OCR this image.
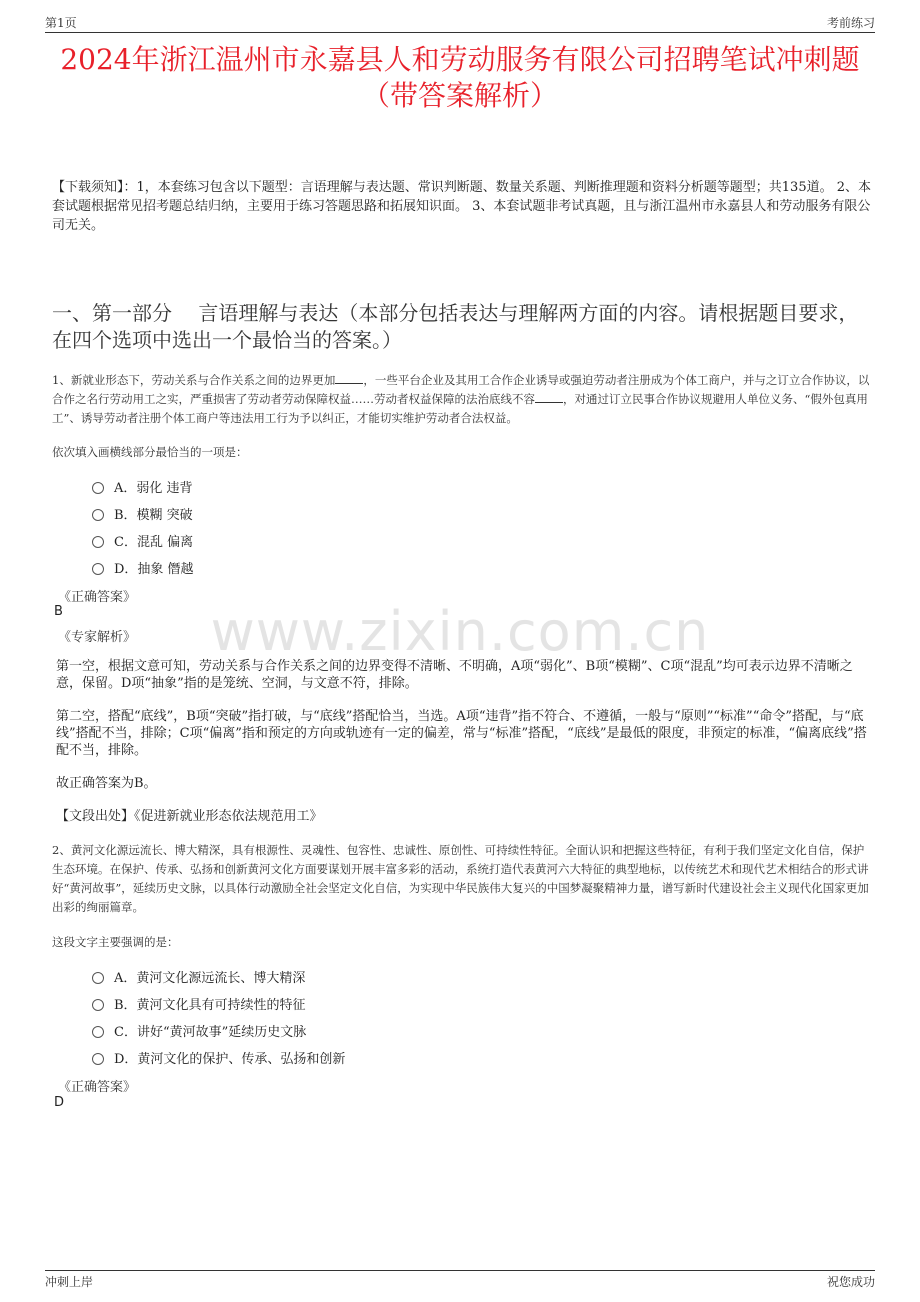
第1页	考前练习
2024年浙江温州市永嘉县人和劳动服务有限公司招聘笔试冲刺题（带答案解析）
【下载须知】：1，本套练习包含以下题型：言语理解与表达题、常识判断题、数量关系题、判断推理题和资料分析题等题型；共135道。 2、本套试题根据常见招考题总结归纳，主要用于练习答题思路和拓展知识面。 3、本套试题非考试真题，且与浙江温州市永嘉县人和劳动服务有限公司无关。
一、第一部分　 言语理解与表达（本部分包括表达与理解两方面的内容。请根据题目要求，在四个选项中选出一个最恰当的答案。）
1、新就业形态下，劳动关系与合作关系之间的边界更加 ，一些平台企业及其用工合作企业诱导或强迫劳动者注册成为个体工商户，并与之订立合作协议，以合作之名行劳动用工之实，严重损害了劳动者劳动保障权益……劳动者权益保障的法治底线不容 ，对通过订立民事合作协议规避用人单位义务、“假外包真用工”、诱导劳动者注册个体工商户等违法用工行为予以纠正，才能切实维护劳动者合法权益。
依次填入画横线部分最恰当的一项是：
A．弱化 违背
B．模糊 突破
C．混乱 偏离
D．抽象 僭越
《正确答案》
B
《专家解析》	www.zixin.com.cn
第一空，根据文意可知，劳动关系与合作关系之间的边界变得不清晰、不明确，A项“弱化”、B项“模糊”、C项“混乱”均可表示边界不清晰之意，保留。D项“抽象”指的是笼统、空洞，与文意不符，排除。
第二空，搭配“底线”，B项“突破”指打破，与“底线”搭配恰当，当选。A项“违背”指不符合、不遵循，一般与“原则”“标准”“命令”搭配，与“底线”搭配不当，排除；C项“偏离”指和预定的方向或轨迹有一定的偏差，常与“标准”搭配，“底线”是最低的限度，非预定的标准，“偏离底线”搭配不当，排除。
故正确答案为B。
【文段出处】《促进新就业形态依法规范用工》
2、黄河文化源远流长、博大精深，具有根源性、灵魂性、包容性、忠诚性、原创性、可持续性特征。全面认识和把握这些特征，有利于我们坚定文化自信，保护生态环境。在保护、传承、弘扬和创新黄河文化方面要谋划开展丰富多彩的活动，系统打造代表黄河六大特征的典型地标，以传统艺术和现代艺术相结合的形式讲好“黄河故事”，延续历史文脉，以具体行动激励全社会坚定文化自信，为实现中华民族伟大复兴的中国梦凝聚精神力量，谱写新时代建设社会主义现代化国家更加出彩的绚丽篇章。
这段文字主要强调的是：
A．黄河文化源远流长、博大精深
B．黄河文化具有可持续性的特征
C．讲好“黄河故事”延续历史文脉
D．黄河文化的保护、传承、弘扬和创新
《正确答案》
D
冲刺上岸	祝您成功
